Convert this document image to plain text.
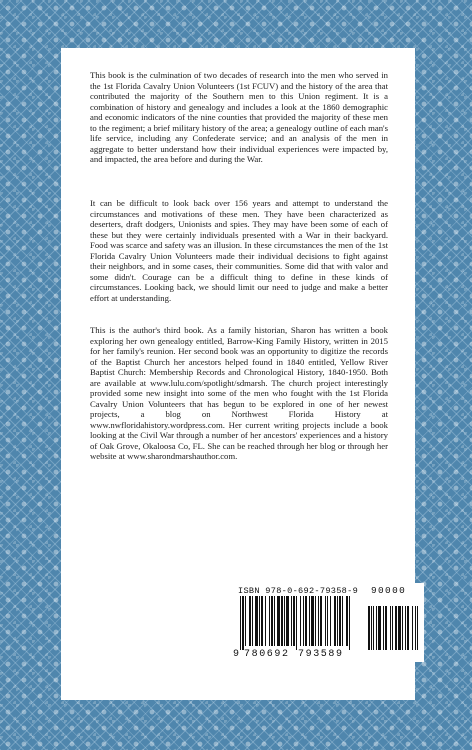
This book is the culmination of two decades of research into the men who served in the 1st Florida Cavalry Union Volunteers (1st FCUV) and the history of the area that contributed the majority of the Southern men to this Union regiment. It is a combination of history and genealogy and includes a look at the 1860 demographic and economic indicators of the nine counties that provided the majority of these men to the regiment; a brief military history of the area; a genealogy outline of each man's life service, including any Confederate service; and an analysis of the men in aggregate to better understand how their individual experiences were impacted by, and impacted, the area before and during the War.

It can be difficult to look back over 156 years and attempt to understand the circumstances and motivations of these men. They have been characterized as deserters, draft dodgers, Unionists and spies. They may have been some of each of these but they were certainly individuals presented with a War in their backyard. Food was scarce and safety was an illusion. In these circumstances the men of the 1st Florida Cavalry Union Volunteers made their individual decisions to fight against their neighbors, and in some cases, their communities. Some did that with valor and some didn't. Courage can be a difficult thing to define in these kinds of circumstances. Looking back, we should limit our need to judge and make a better effort at understanding.

This is the author's third book. As a family historian, Sharon has written a book exploring her own genealogy entitled, Barrow-King Family History, written in 2015 for her family's reunion. Her second book was an opportunity to digitize the records of the Baptist Church her ancestors helped found in 1840 entitled, Yellow River Baptist Church: Membership Records and Chronological History, 1840-1950. Both are available at www.lulu.com/spotlight/sdmarsh. The church project interestingly provided some new insight into some of the men who fought with the 1st Florida Cavalry Union Volunteers that has begun to be explored in one of her newest projects, a blog on Northwest Florida History at www.nwfloridahistory.wordpress.com. Her current writing projects include a book looking at the Civil War through a number of her ancestors' experiences and a history of Oak Grove, Okaloosa Co, FL. She can be reached through her blog or through her website at www.sharondmarshauthor.com.

ISBN 978-0-692-79358-9
9 780692 793589
90000
